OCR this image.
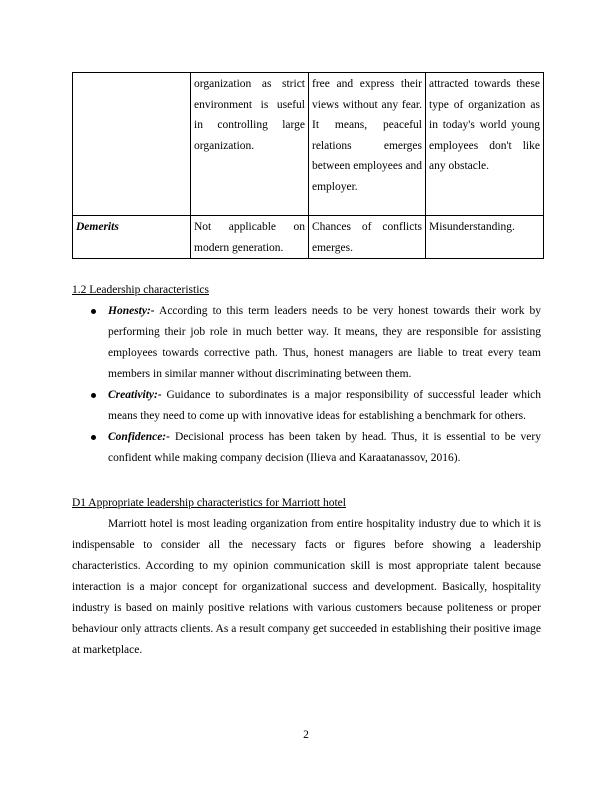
	organization as strict environment is useful in controlling large organization.	free and express their views without any fear. It means, peaceful relations emerges between employees and employer.	attracted towards these type of organization as in today's world young employees don't like any obstacle.
Demerits	Not applicable on modern generation.	Chances of conflicts emerges.	Misunderstanding.
1.2 Leadership characteristics
Honesty:- According to this term leaders needs to be very honest towards their work by performing their job role in much better way. It means, they are responsible for assisting employees towards corrective path. Thus, honest managers are liable to treat every team members in similar manner without discriminating between them.
Creativity:- Guidance to subordinates is a major responsibility of successful leader which means they need to come up with innovative ideas for establishing a benchmark for others.
Confidence:- Decisional process has been taken by head. Thus, it is essential to be very confident while making company decision (Ilieva and Karaatanassov, 2016).
D1 Appropriate leadership characteristics for Marriott hotel
Marriott hotel is most leading organization from entire hospitality industry due to which it is indispensable to consider all the necessary facts or figures before showing a leadership characteristics. According to my opinion communication skill is most appropriate talent because interaction is a major concept for organizational success and development. Basically, hospitality industry is based on mainly positive relations with various customers because politeness or proper behaviour only attracts clients. As a result company get succeeded in establishing their positive image at marketplace.
2
